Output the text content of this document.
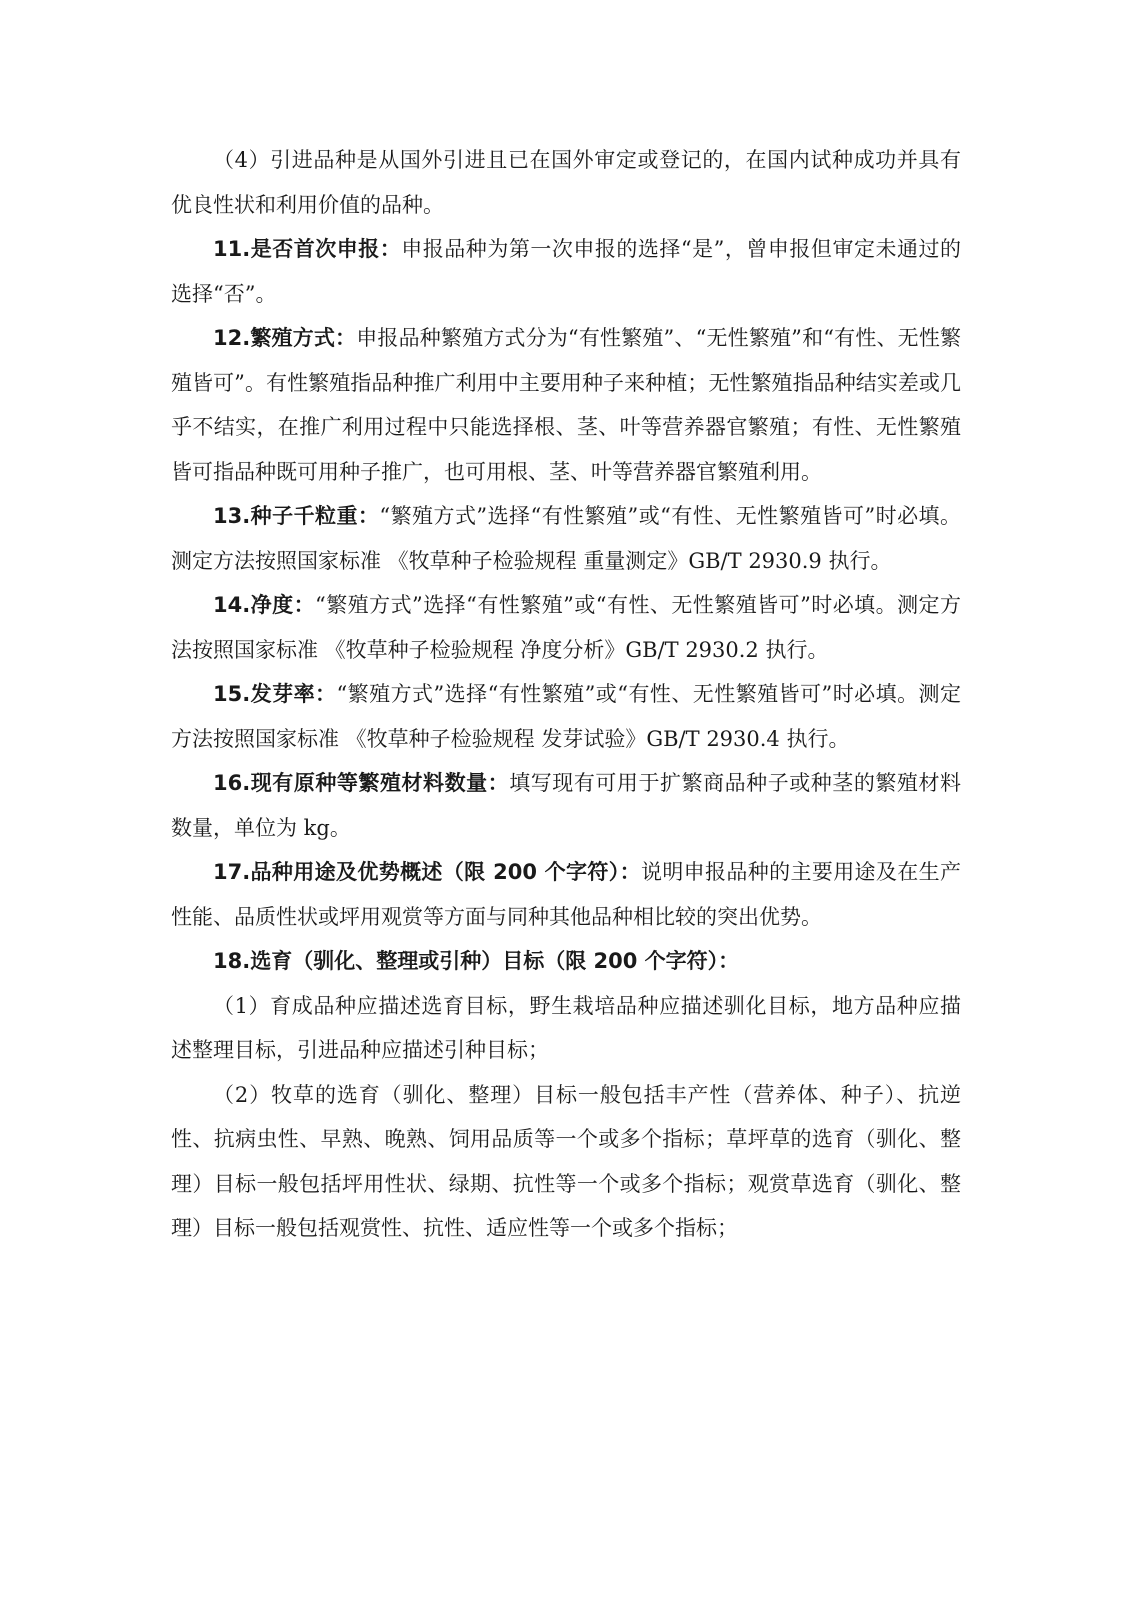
（4）引进品种是从国外引进且已在国外审定或登记的，在国内试种成功并具有优良性状和利用价值的品种。

11.是否首次申报：申报品种为第一次申报的选择“是”，曾申报但审定未通过的选择“否”。

12.繁殖方式：申报品种繁殖方式分为“有性繁殖”、“无性繁殖”和“有性、无性繁殖皆可”。有性繁殖指品种推广利用中主要用种子来种植；无性繁殖指品种结实差或几乎不结实，在推广利用过程中只能选择根、茎、叶等营养器官繁殖；有性、无性繁殖皆可指品种既可用种子推广，也可用根、茎、叶等营养器官繁殖利用。

13.种子千粒重：“繁殖方式”选择“有性繁殖”或“有性、无性繁殖皆可”时必填。测定方法按照国家标准 《牧草种子检验规程 重量测定》GB/T 2930.9 执行。

14.净度：“繁殖方式”选择“有性繁殖”或“有性、无性繁殖皆可”时必填。测定方法按照国家标准 《牧草种子检验规程 净度分析》GB/T 2930.2 执行。

15.发芽率：“繁殖方式”选择“有性繁殖”或“有性、无性繁殖皆可”时必填。测定方法按照国家标准 《牧草种子检验规程 发芽试验》GB/T 2930.4 执行。

16.现有原种等繁殖材料数量：填写现有可用于扩繁商品种子或种茎的繁殖材料数量，单位为 kg。

17.品种用途及优势概述（限 200 个字符）：说明申报品种的主要用途及在生产性能、品质性状或坪用观赏等方面与同种其他品种相比较的突出优势。

18.选育（驯化、整理或引种）目标（限 200 个字符）：

（1）育成品种应描述选育目标，野生栽培品种应描述驯化目标，地方品种应描述整理目标，引进品种应描述引种目标；

（2）牧草的选育（驯化、整理）目标一般包括丰产性（营养体、种子）、抗逆性、抗病虫性、早熟、晚熟、饲用品质等一个或多个指标；草坪草的选育（驯化、整理）目标一般包括坪用性状、绿期、抗性等一个或多个指标；观赏草选育（驯化、整理）目标一般包括观赏性、抗性、适应性等一个或多个指标；
